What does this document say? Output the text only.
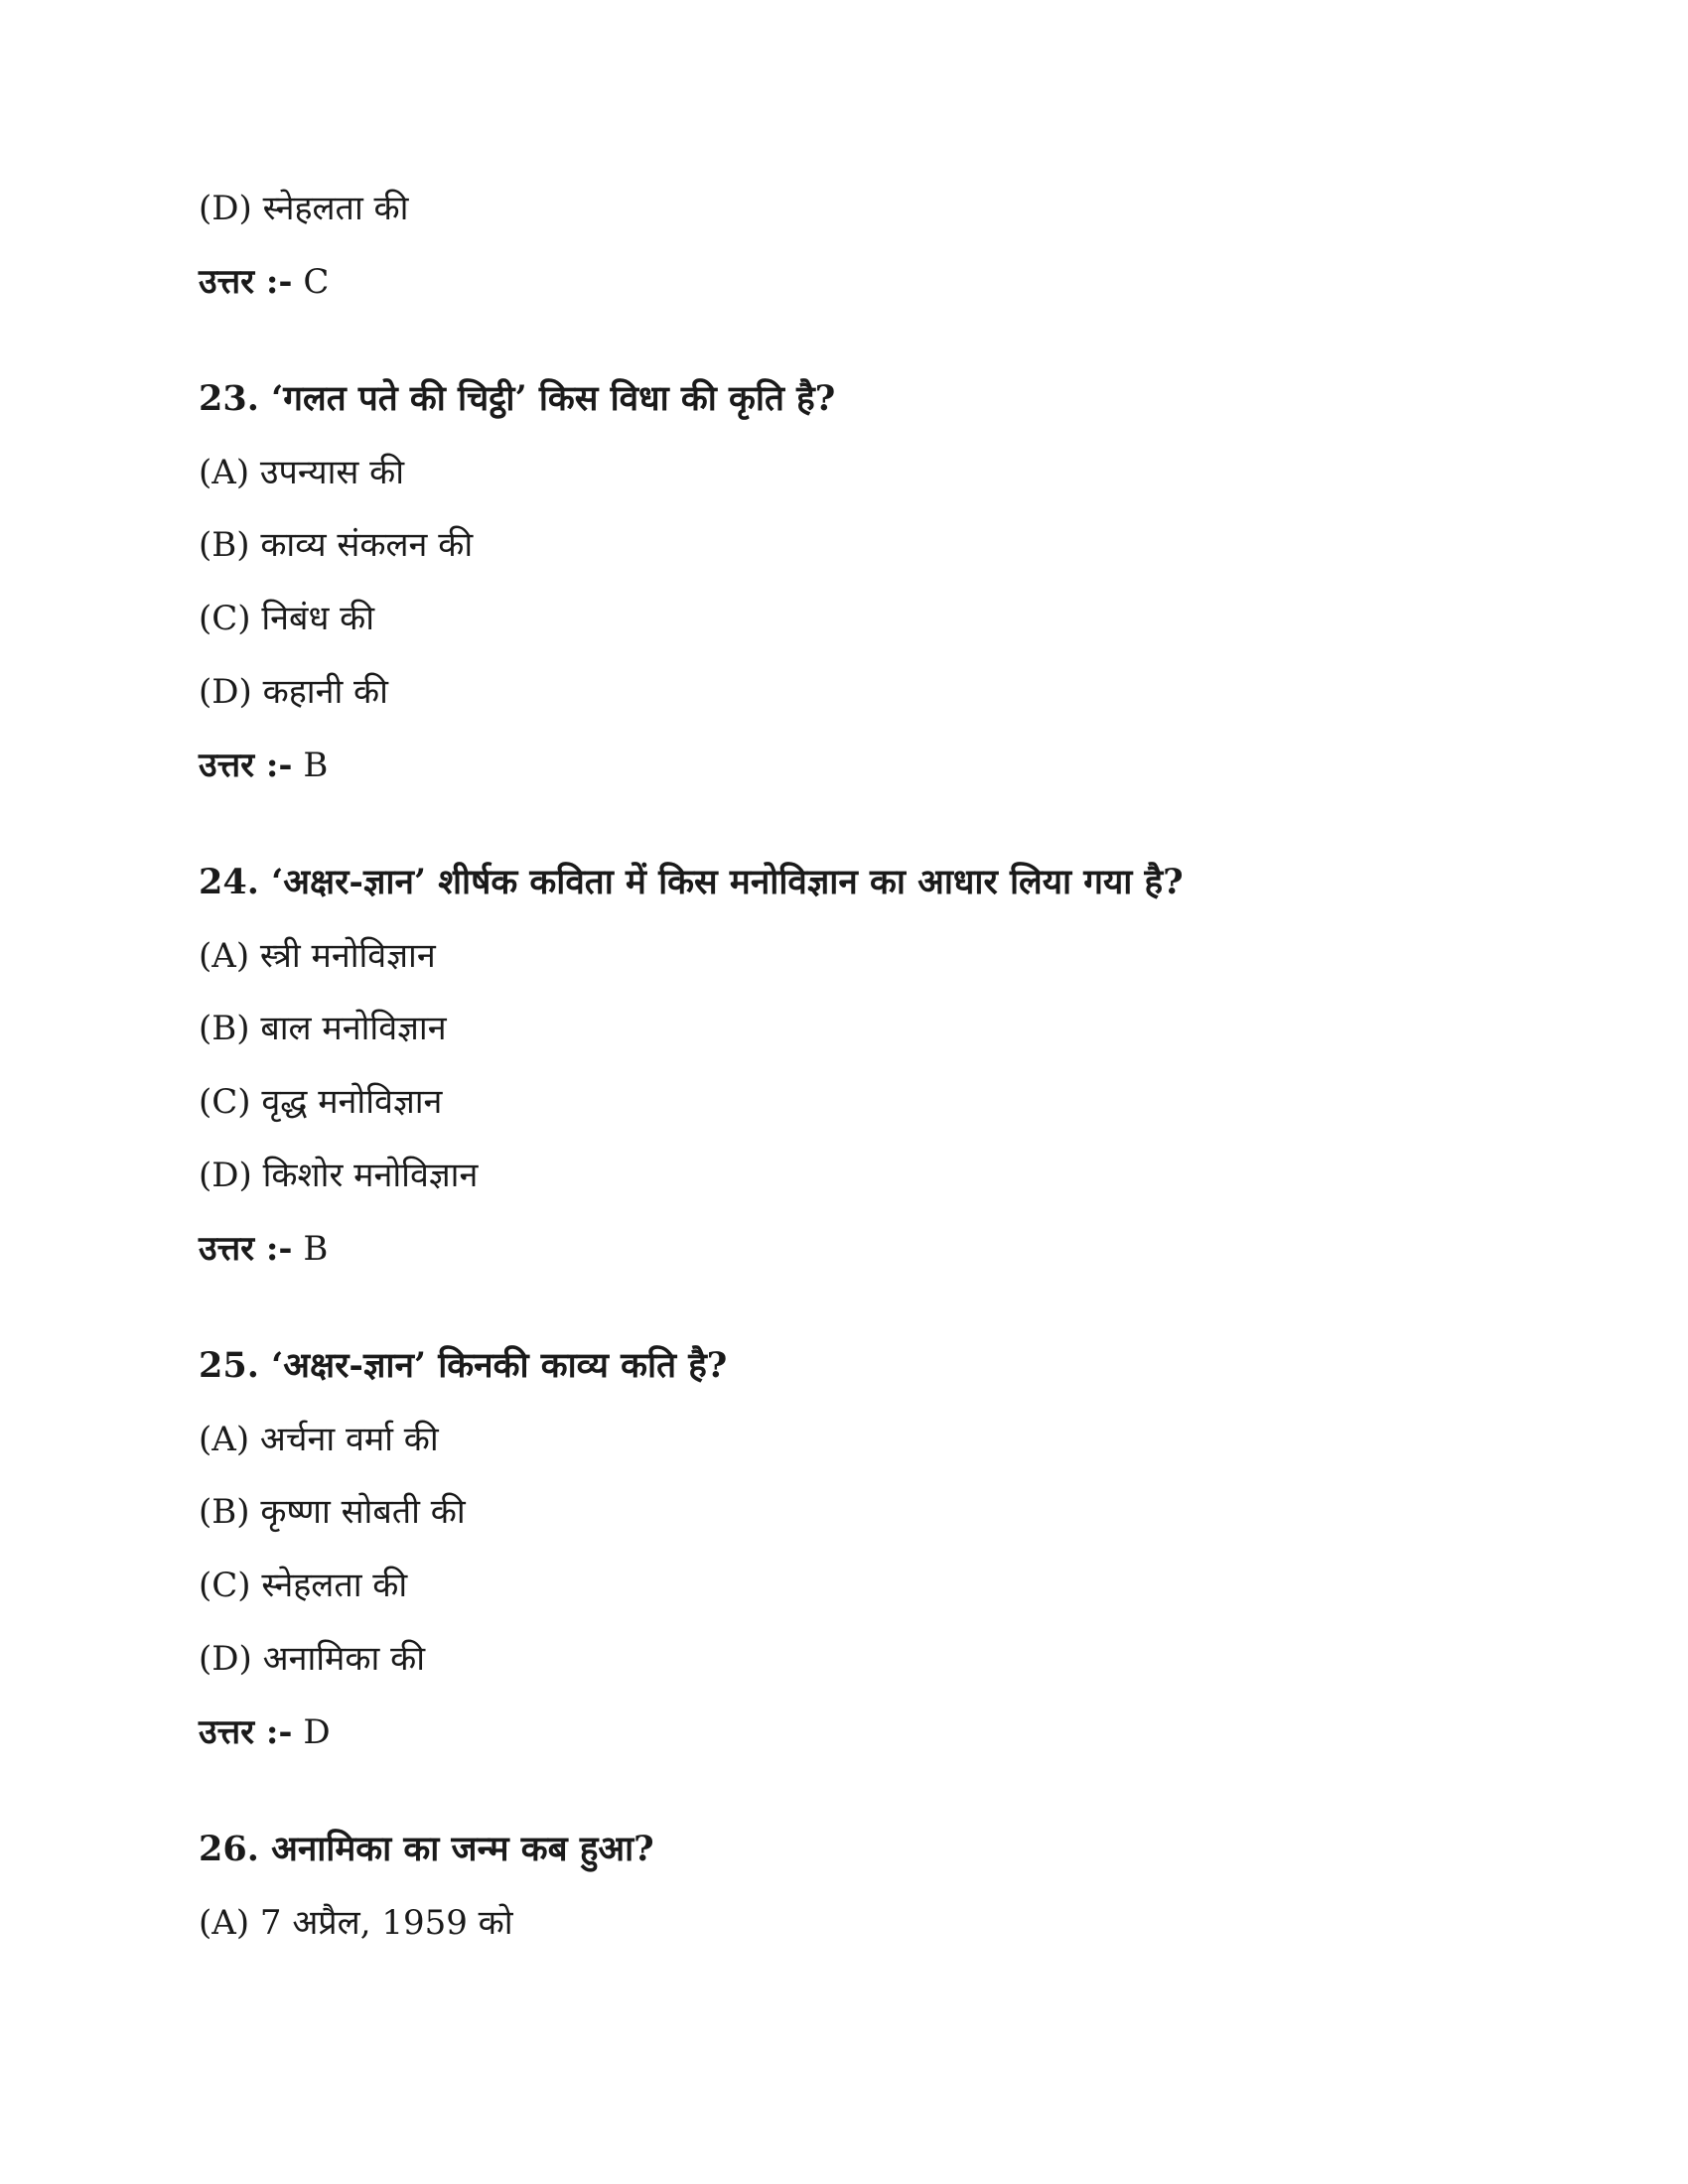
(D) स्नेहलता की
उत्तर :- C
23. ‘गलत पते की चिट्ठी’ किस विधा की कृति है?
(A) उपन्यास की
(B) काव्य संकलन की
(C) निबंध की
(D) कहानी की
उत्तर :- B
24. ‘अक्षर-ज्ञान’ शीर्षक कविता में किस मनोविज्ञान का आधार लिया गया है?
(A) स्त्री मनोविज्ञान
(B) बाल मनोविज्ञान
(C) वृद्ध मनोविज्ञान
(D) किशोर मनोविज्ञान
उत्तर :- B
25. ‘अक्षर-ज्ञान’ किनकी काव्य कति है?
(A) अर्चना वर्मा की
(B) कृष्णा सोबती की
(C) स्नेहलता की
(D) अनामिका की
उत्तर :- D
26. अनामिका का जन्म कब हुआ?
(A) 7 अप्रैल, 1959 को
